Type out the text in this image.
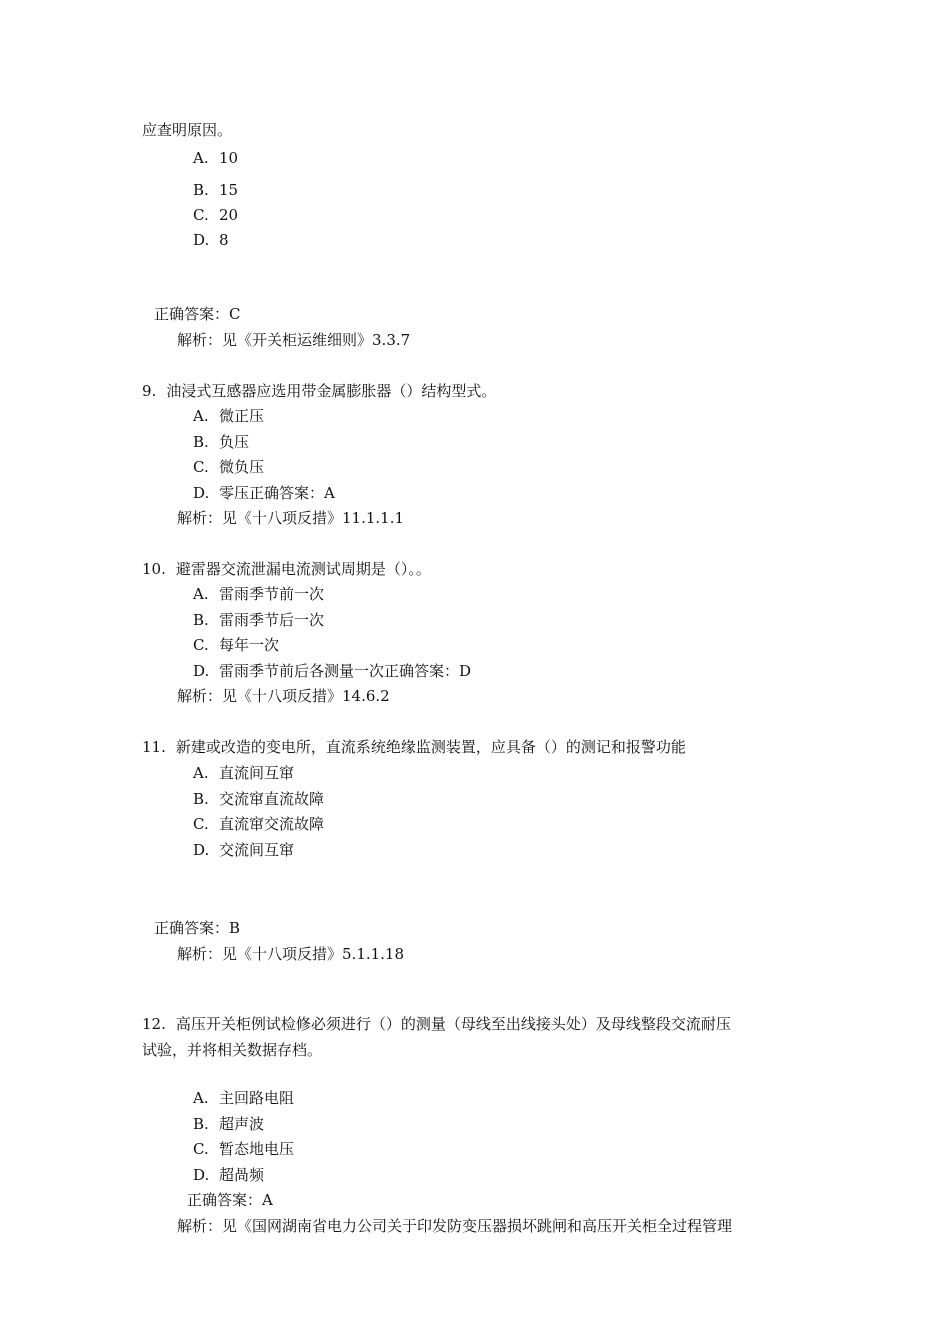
应查明原因。
A. 10
B. 15
C. 20
D. 8
正确答案：C
解析：见《开关柜运维细则》3.3.7
9. 油浸式互感器应选用带金属膨胀器（）结构型式。
A. 微正压
B. 负压
C. 微负压
D. 零压正确答案：A
解析：见《十八项反措》11.1.1.1
10. 避雷器交流泄漏电流测试周期是（）。。
A. 雷雨季节前一次
B. 雷雨季节后一次
C. 每年一次
D. 雷雨季节前后各测量一次正确答案：D
解析：见《十八项反措》14.6.2
11. 新建或改造的变电所，直流系统绝缘监测装置，应具备（）的测记和报警功能
A. 直流间互窜
B. 交流窜直流故障
C. 直流窜交流故障
D. 交流间互窜
正确答案：B
解析：见《十八项反措》5.1.1.18
12. 高压开关柜例试检修必须进行（）的测量（母线至出线接头处）及母线整段交流耐压
试验，并将相关数据存档。
A. 主回路电阻
B. 超声波
C. 暂态地电压
D. 超咼频
正确答案：A
解析：见《国网湖南省电力公司关于印发防变压器损坏跳闸和高压开关柜全过程管理
